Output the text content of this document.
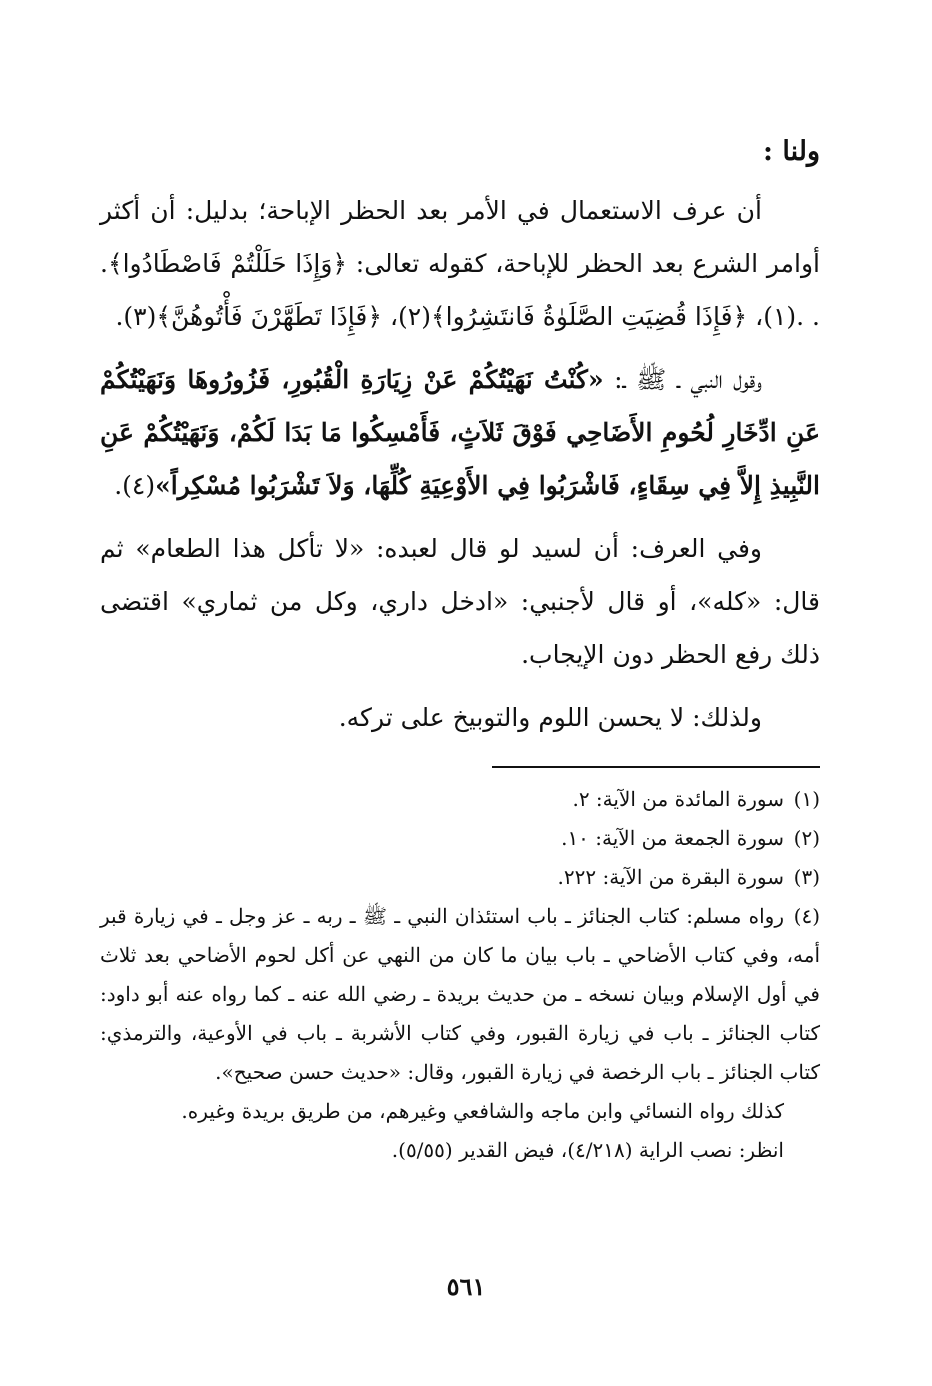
ولنا :

أن عرف الاستعمال في الأمر بعد الحظر الإباحة؛ بدليل: أن أكثر أوامر الشرع بعد الحظر للإباحة، كقوله تعالى: ﴿وَإِذَا حَلَلْتُمْ فَاصْطَادُوا﴾. . .(١)، ﴿فَإِذَا قُضِيَتِ الصَّلَوٰةُ فَانتَشِرُوا﴾(٢)، ﴿فَإِذَا تَطَهَّرْنَ فَأْتُوهُنَّ﴾(٣).

وقول النبي ـ ﷺ ـ: «كُنْتُ نَهَيْتُكُمْ عَنْ زِيَارَةِ الْقُبُورِ، فَزُورُوهَا وَنَهَيْتُكُمْ عَنِ ادِّخَارِ لُحُومِ الأَضَاحِي فَوْقَ ثَلاَثٍ، فَأَمْسِكُوا مَا بَدَا لَكُمْ، وَنَهَيْتُكُمْ عَنِ النَّبِيذِ إِلاَّ فِي سِقَاءٍ، فَاشْرَبُوا فِي الأَوْعِيَةِ كُلِّهَا، وَلاَ تَشْرَبُوا مُسْكِراً»(٤).

وفي العرف: أن لسيد لو قال لعبده: «لا تأكل هذا الطعام» ثم قال: «كله»، أو قال لأجنبي: «ادخل داري، وكل من ثماري» اقتضى ذلك رفع الحظر دون الإيجاب.

ولذلك: لا يحسن اللوم والتوبيخ على تركه.

(١)سورة المائدة من الآية: ٢.

(٢)سورة الجمعة من الآية: ١٠.

(٣)سورة البقرة من الآية: ٢٢٢.

(٤)رواه مسلم: كتاب الجنائز ـ باب استئذان النبي ـ ﷺ ـ ربه ـ عز وجل ـ في زيارة قبر أمه، وفي كتاب الأضاحي ـ باب بيان ما كان من النهي عن أكل لحوم الأضاحي بعد ثلاث في أول الإسلام وبيان نسخه ـ من حديث بريدة ـ رضي الله عنه ـ كما رواه عنه أبو داود: كتاب الجنائز ـ باب في زيارة القبور، وفي كتاب الأشربة ـ باب في الأوعية، والترمذي: كتاب الجنائز ـ باب الرخصة في زيارة القبور، وقال: «حديث حسن صحيح».

كذلك رواه النسائي وابن ماجه والشافعي وغيرهم، من طريق بريدة وغيره.

انظر: نصب الراية (٤/٢١٨)، فيض القدير (٥/٥٥).

٥٦١
